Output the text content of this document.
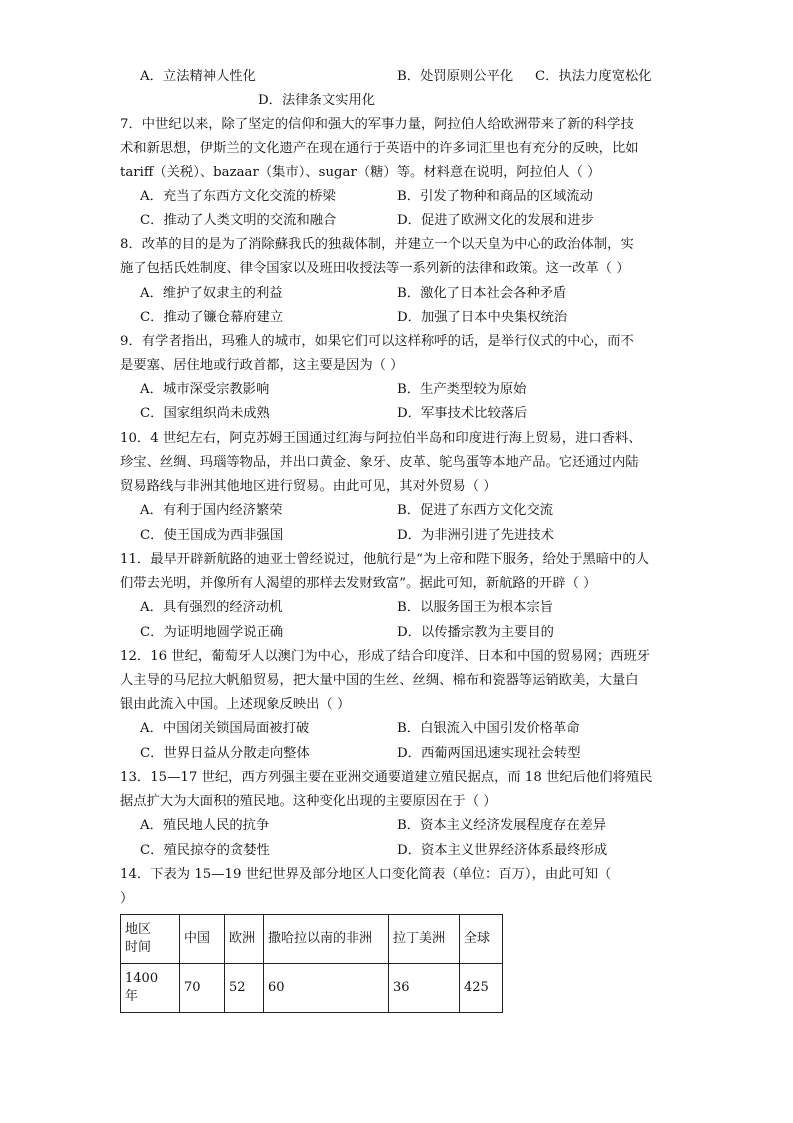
A．立法精神人性化	B．处罚原则公平化 C．执法力度宽松化
D．法律条文实用化
7．中世纪以来，除了坚定的信仰和强大的军事力量，阿拉伯人给欧洲带来了新的科学技
术和新思想，伊斯兰的文化遗产在现在通行于英语中的许多词汇里也有充分的反映，比如
tariff（关税）、bazaar（集市）、sugar（糖）等。材料意在说明，阿拉伯人（ ）
A．充当了东西方文化交流的桥梁	B．引发了物种和商品的区域流动
C．推动了人类文明的交流和融合	D．促进了欧洲文化的发展和进步
8．改革的目的是为了消除蘇我氏的独裁体制，并建立一个以天皇为中心的政治体制，实
施了包括氏姓制度、律令国家以及班田收授法等一系列新的法律和政策。这一改革（ ）
A．维护了奴隶主的利益	B．激化了日本社会各种矛盾
C．推动了镰仓幕府建立	D．加强了日本中央集权统治
9．有学者指出，玛雅人的城市，如果它们可以这样称呼的话，是举行仪式的中心，而不
是要塞、居住地或行政首都，这主要是因为（ ）
A．城市深受宗教影响	B．生产类型较为原始
C．国家组织尚未成熟	D．军事技术比较落后
10．4 世纪左右，阿克苏姆王国通过红海与阿拉伯半岛和印度进行海上贸易，进口香料、
珍宝、丝绸、玛瑙等物品，并出口黄金、象牙、皮革、鸵鸟蛋等本地产品。它还通过内陆
贸易路线与非洲其他地区进行贸易。由此可见，其对外贸易（ ）
A．有利于国内经济繁荣	B．促进了东西方文化交流
C．使王国成为西非强国	D．为非洲引进了先进技术
11．最早开辟新航路的迪亚士曾经说过，他航行是“为上帝和陛下服务，给处于黑暗中的人
们带去光明，并像所有人渴望的那样去发财致富”。据此可知，新航路的开辟（ ）
A．具有强烈的经济动机	B．以服务国王为根本宗旨
C．为证明地圆学说正确	D．以传播宗教为主要目的
12．16 世纪，葡萄牙人以澳门为中心，形成了结合印度洋、日本和中国的贸易网；西班牙
人主导的马尼拉大帆船贸易，把大量中国的生丝、丝绸、棉布和瓷器等运销欧美，大量白
银由此流入中国。上述现象反映出（ ）
A．中国闭关锁国局面被打破	B．白银流入中国引发价格革命
C．世界日益从分散走向整体	D．西葡两国迅速实现社会转型
13．15—17 世纪，西方列强主要在亚洲交通要道建立殖民据点，而 18 世纪后他们将殖民
据点扩大为大面积的殖民地。这种变化出现的主要原因在于（ ）
A．殖民地人民的抗争	B．资本主义经济发展程度存在差异
C．殖民掠夺的贪婪性	D．资本主义世界经济体系最终形成
14．下表为 15—19 世纪世界及部分地区人口变化简表（单位：百万），由此可知（
）
地区
时间	中国	欧洲	撒哈拉以南的非洲	拉丁美洲	全球

1400
年	70	52	60	36	425
